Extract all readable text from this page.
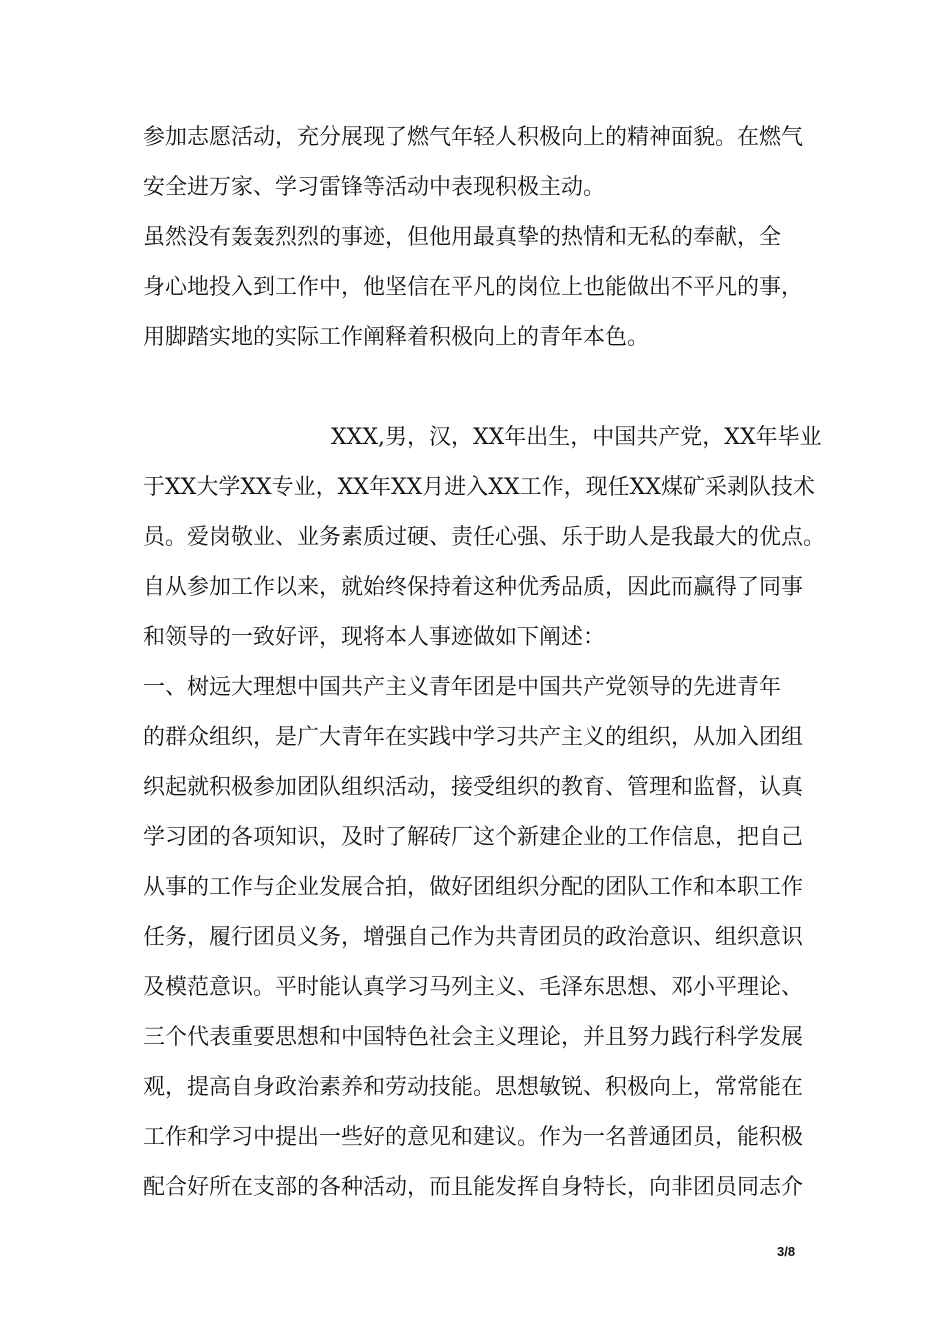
参加志愿活动，充分展现了燃气年轻人积极向上的精神面貌。在燃气
安全进万家、学习雷锋等活动中表现积极主动。
虽然没有轰轰烈烈的事迹，但他用最真挚的热情和无私的奉献，全
身心地投入到工作中，他坚信在平凡的岗位上也能做出不平凡的事，
用脚踏实地的实际工作阐释着积极向上的青年本色。
XXX,男，汉，XX年出生，中国共产党，XX年毕业
于XX大学XX专业，XX年XX月进入XX工作，现任XX煤矿采剥队技术
员。爱岗敬业、业务素质过硬、责任心强、乐于助人是我最大的优点。
自从参加工作以来，就始终保持着这种优秀品质，因此而赢得了同事
和领导的一致好评，现将本人事迹做如下阐述：
一、树远大理想中国共产主义青年团是中国共产党领导的先进青年
的群众组织，是广大青年在实践中学习共产主义的组织，从加入团组
织起就积极参加团队组织活动，接受组织的教育、管理和监督，认真
学习团的各项知识，及时了解砖厂这个新建企业的工作信息，把自己
从事的工作与企业发展合拍，做好团组织分配的团队工作和本职工作
任务，履行团员义务，增强自己作为共青团员的政治意识、组织意识
及模范意识。平时能认真学习马列主义、毛泽东思想、邓小平理论、
三个代表重要思想和中国特色社会主义理论，并且努力践行科学发展
观，提高自身政治素养和劳动技能。思想敏锐、积极向上，常常能在
工作和学习中提出一些好的意见和建议。作为一名普通团员，能积极
配合好所在支部的各种活动，而且能发挥自身特长，向非团员同志介
3/8
